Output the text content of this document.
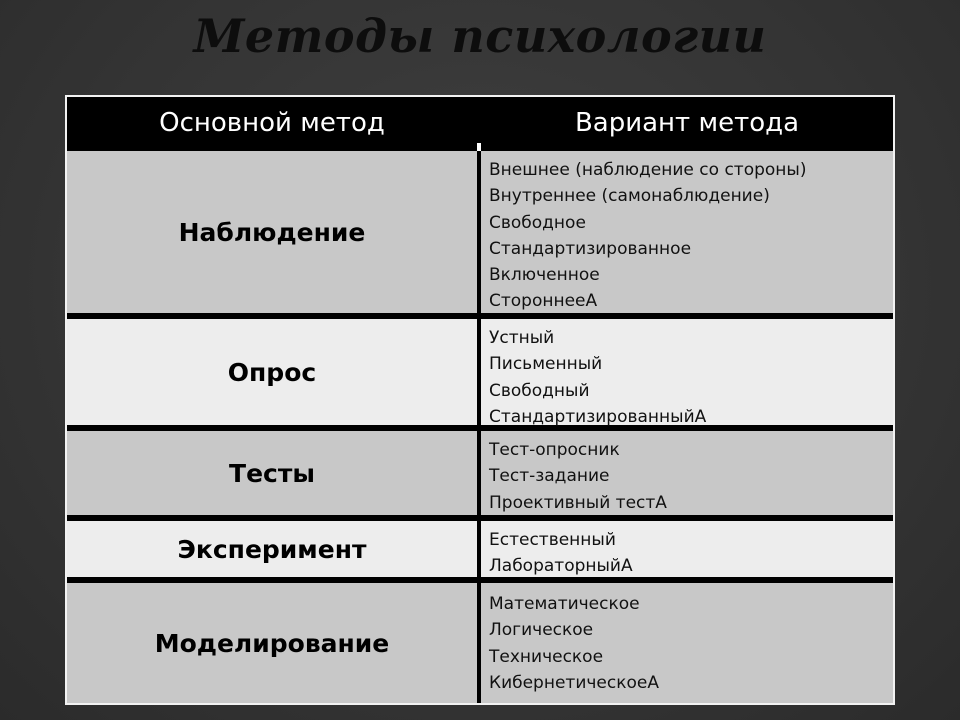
Методы психологии
Основной метод	Вариант метода
Наблюдение
Внешнее (наблюдение со стороны)
Внутреннее (самонаблюдение)
Свободное
Стандартизированное
Включенное
СтороннееА
Опрос
Устный
Письменный
Свободный
СтандартизированныйА
Тесты
Тест-опросник
Тест-задание
Проективный тестА
Эксперимент	Естественный
ЛабораторныйА
Моделирование
Математическое
Логическое
Техническое
КибернетическоеА
